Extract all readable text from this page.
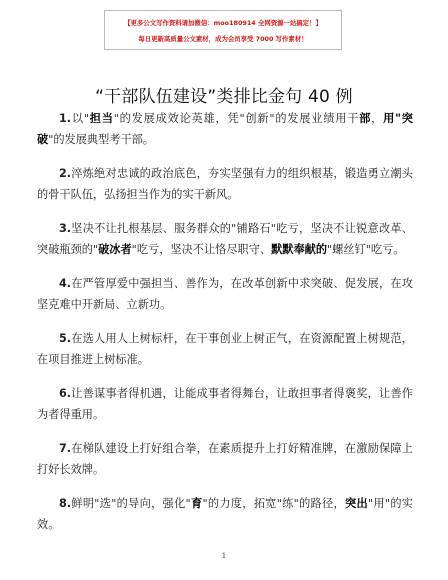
【更多公文写作资料请加微信：moo180914 全网资源一站搞定！】
每日更新高质量公文素材，成为会员享受 7000 写作素材！
“干部队伍建设”类排比金句 40 例

1.以"担当"的发展成效论英雄，凭"创新"的发展业绩用干部，用"突破"的发展典型考干部。

2.淬炼绝对忠诚的政治底色，夯实坚强有力的组织根基，锻造勇立潮头的骨干队伍，弘扬担当作为的实干新风。

3.坚决不让扎根基层、服务群众的"铺路石"吃亏，坚决不让锐意改革、突破瓶颈的"破冰者"吃亏，坚决不让恪尽职守、默默奉献的"螺丝钉"吃亏。

4.在严管厚爱中强担当、善作为，在改革创新中求突破、促发展，在攻坚克难中开新局、立新功。

5.在选人用人上树标杆，在干事创业上树正气，在资源配置上树规范，在项目推进上树标准。

6.让善谋事者得机遇，让能成事者得舞台，让敢担事者得褒奖，让善作为者得重用。

7.在梯队建设上打好组合拳，在素质提升上打好精准牌，在激励保障上打好长效牌。

8.鲜明"选"的导向，强化"育"的力度，拓宽"练"的路径，突出"用"的实效。

1
